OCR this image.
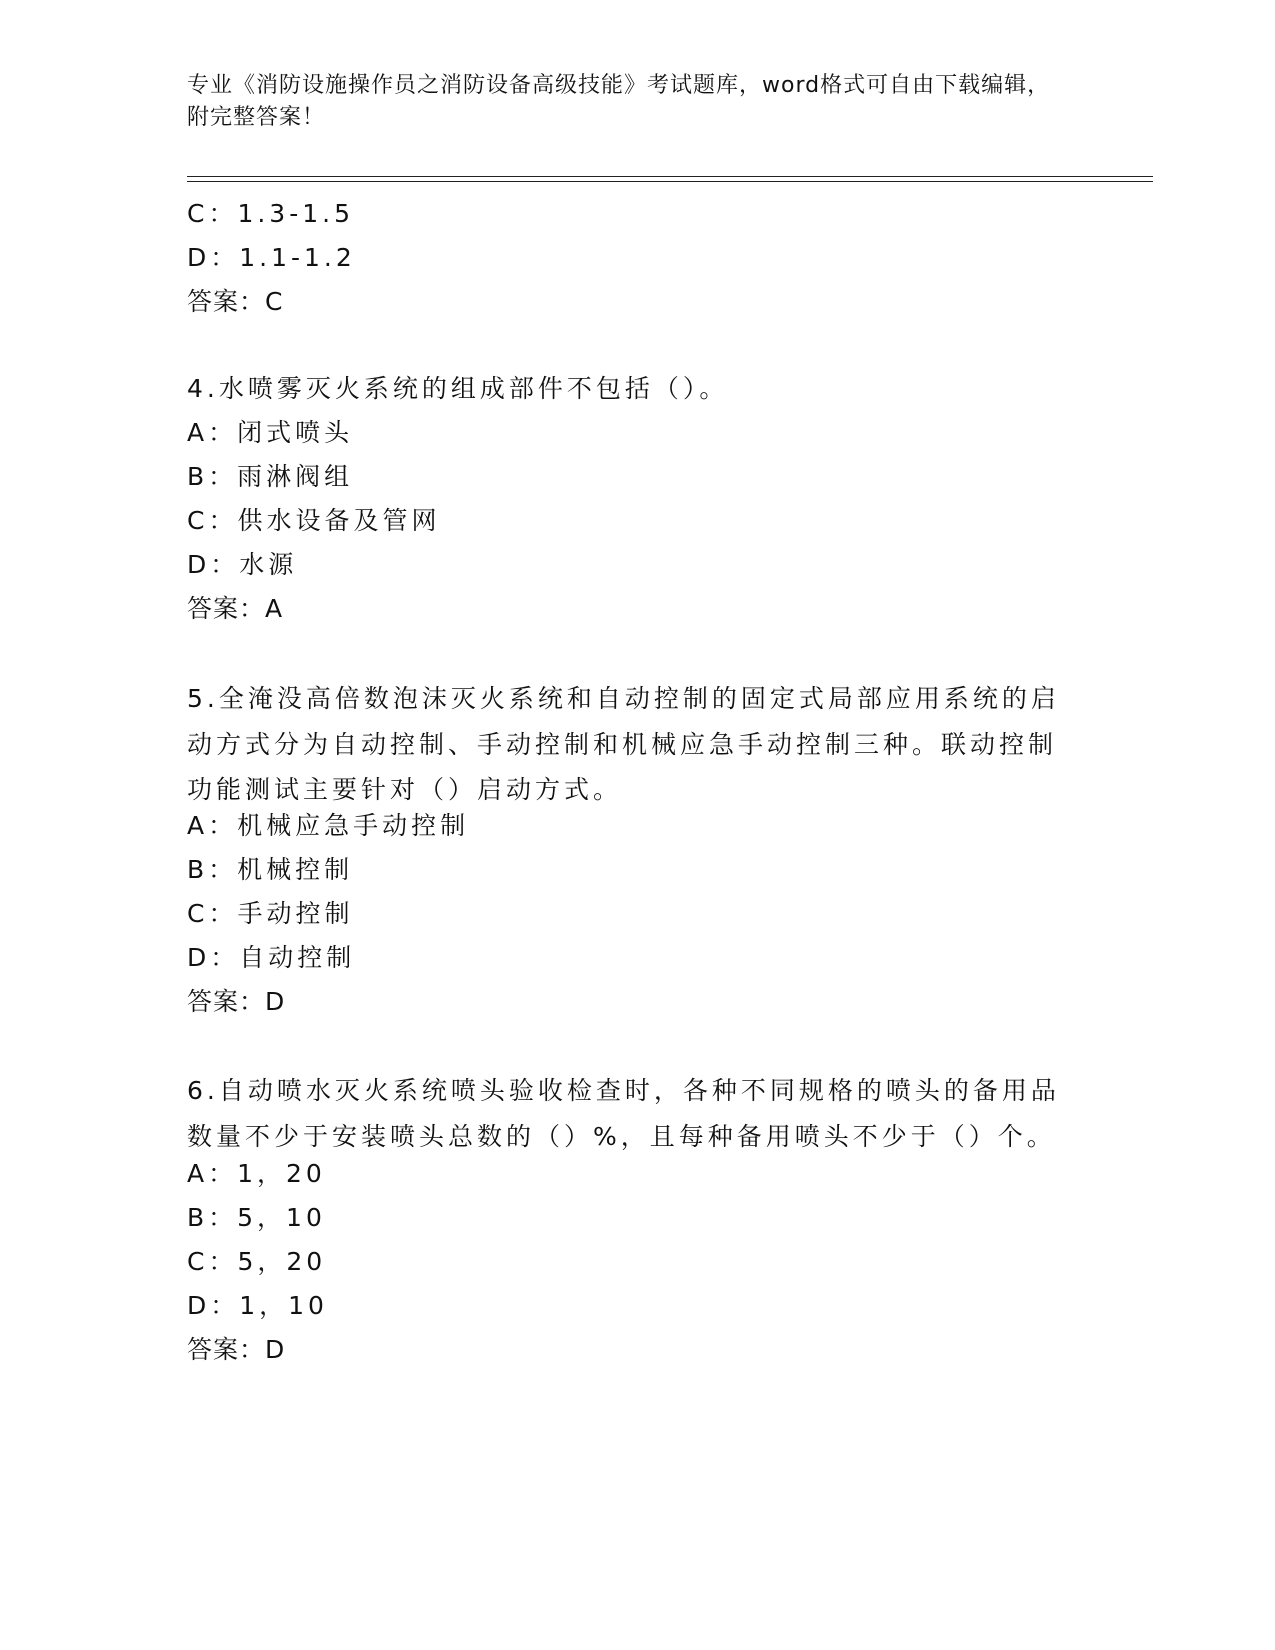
专业《消防设施操作员之消防设备高级技能》考试题库，word格式可自由下载编辑，附完整答案！
C：1.3-1.5
D：1.1-1.2
答案：C
4.水喷雾灭火系统的组成部件不包括（）。
A：闭式喷头
B：雨淋阀组
C：供水设备及管网
D：水源
答案：A
5.全淹没高倍数泡沫灭火系统和自动控制的固定式局部应用系统的启动方式分为自动控制、手动控制和机械应急手动控制三种。联动控制功能测试主要针对（）启动方式。
A：机械应急手动控制
B：机械控制
C：手动控制
D：自动控制
答案：D
6.自动喷水灭火系统喷头验收检查时，各种不同规格的喷头的备用品数量不少于安装喷头总数的（）%，且每种备用喷头不少于（）个。
A：1，20
B：5，10
C：5，20
D：1，10
答案：D
